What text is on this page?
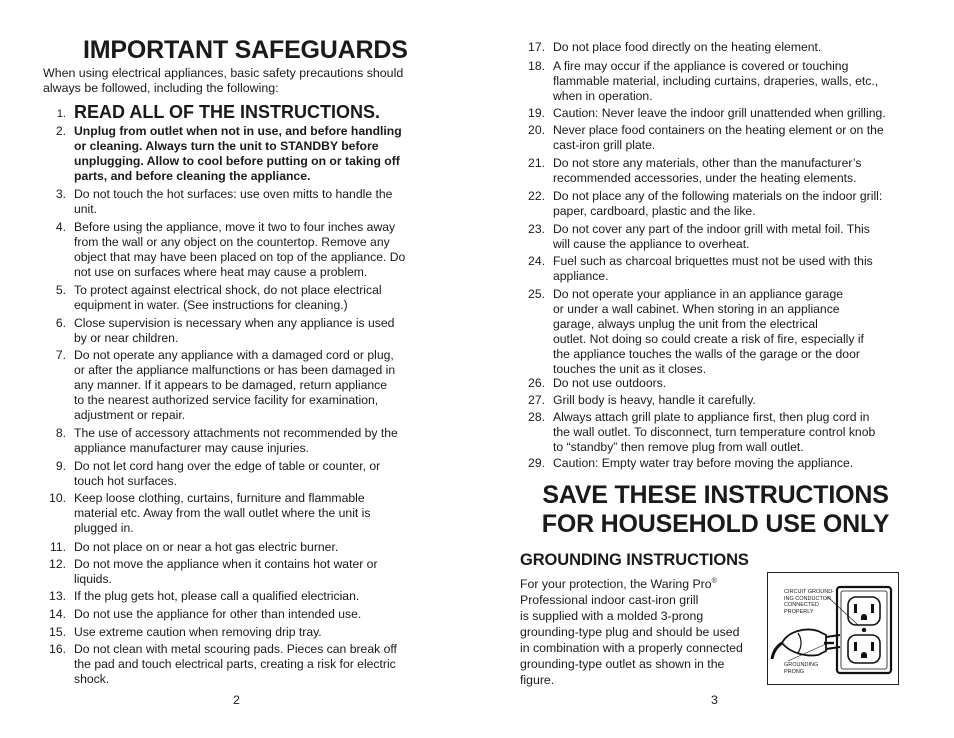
IMPORTANT SAFEGUARDS

When using electrical appliances, basic safety precautions should always be followed, including the following:

1. READ ALL OF THE INSTRUCTIONS.
2. Unplug from outlet when not in use, and before handling
or cleaning. Always turn the unit to STANDBY before
unplugging. Allow to cool before putting on or taking off
parts, and before cleaning the appliance.
3. Do not touch the hot surfaces: use oven mitts to handle the
unit.
4. Before using the appliance, move it two to four inches away
from the wall or any object on the countertop. Remove any
object that may have been placed on top of the appliance. Do
not use on surfaces where heat may cause a problem.
5. To protect against electrical shock, do not place electrical
equipment in water. (See instructions for cleaning.)
6. Close supervision is necessary when any appliance is used
by or near children.
7. Do not operate any appliance with a damaged cord or plug,
or after the appliance malfunctions or has been damaged in
any manner. If it appears to be damaged, return appliance
to the nearest authorized service facility for examination,
adjustment or repair.
8. The use of accessory attachments not recommended by the
appliance manufacturer may cause injuries.
9. Do not let cord hang over the edge of table or counter, or
touch hot surfaces.
10. Keep loose clothing, curtains, furniture and flammable
material etc. Away from the wall outlet where the unit is
plugged in.
11. Do not place on or near a hot gas electric burner.
12. Do not move the appliance when it contains hot water or
liquids.
13. If the plug gets hot, please call a qualified electrician.
14. Do not use the appliance for other than intended use.
15. Use extreme caution when removing drip tray.
16. Do not clean with metal scouring pads. Pieces can break off
the pad and touch electrical parts, creating a risk for electric
shock.
2
17. Do not place food directly on the heating element.
18. A fire may occur if the appliance is covered or touching
flammable material, including curtains, draperies, walls, etc.,
when in operation.
19. Caution: Never leave the indoor grill unattended when grilling.
20. Never place food containers on the heating element or on the
cast-iron grill plate.
21. Do not store any materials, other than the manufacturer’s
recommended accessories, under the heating elements.
22. Do not place any of the following materials on the indoor grill:
paper, cardboard, plastic and the like.
23. Do not cover any part of the indoor grill with metal foil. This
will cause the appliance to overheat.
24. Fuel such as charcoal briquettes must not be used with this
appliance.
25. Do not operate your appliance in an appliance garage
or under a wall cabinet. When storing in an appliance
garage, always unplug the unit from the electrical
outlet. Not doing so could create a risk of fire, especially if
the appliance touches the walls of the garage or the door
touches the unit as it closes.
26. Do not use outdoors.
27. Grill body is heavy, handle it carefully.
28. Always attach grill plate to appliance first, then plug cord in
the wall outlet. To disconnect, turn temperature control knob
to “standby” then remove plug from wall outlet.
29. Caution: Empty water tray before moving the appliance.
SAVE THESE INSTRUCTIONS
FOR HOUSEHOLD USE ONLY
GROUNDING INSTRUCTIONS
For your protection, the Waring Pro®
Professional indoor cast-iron grill
is supplied with a molded 3-prong
grounding-type plug and should be used
in combination with a properly connected
grounding-type outlet as shown in the
figure.
CIRCUIT GROUND-
ING CONDUCTOR
CONNECTED
PROPERLY
GROUNDING
PRONG
3
